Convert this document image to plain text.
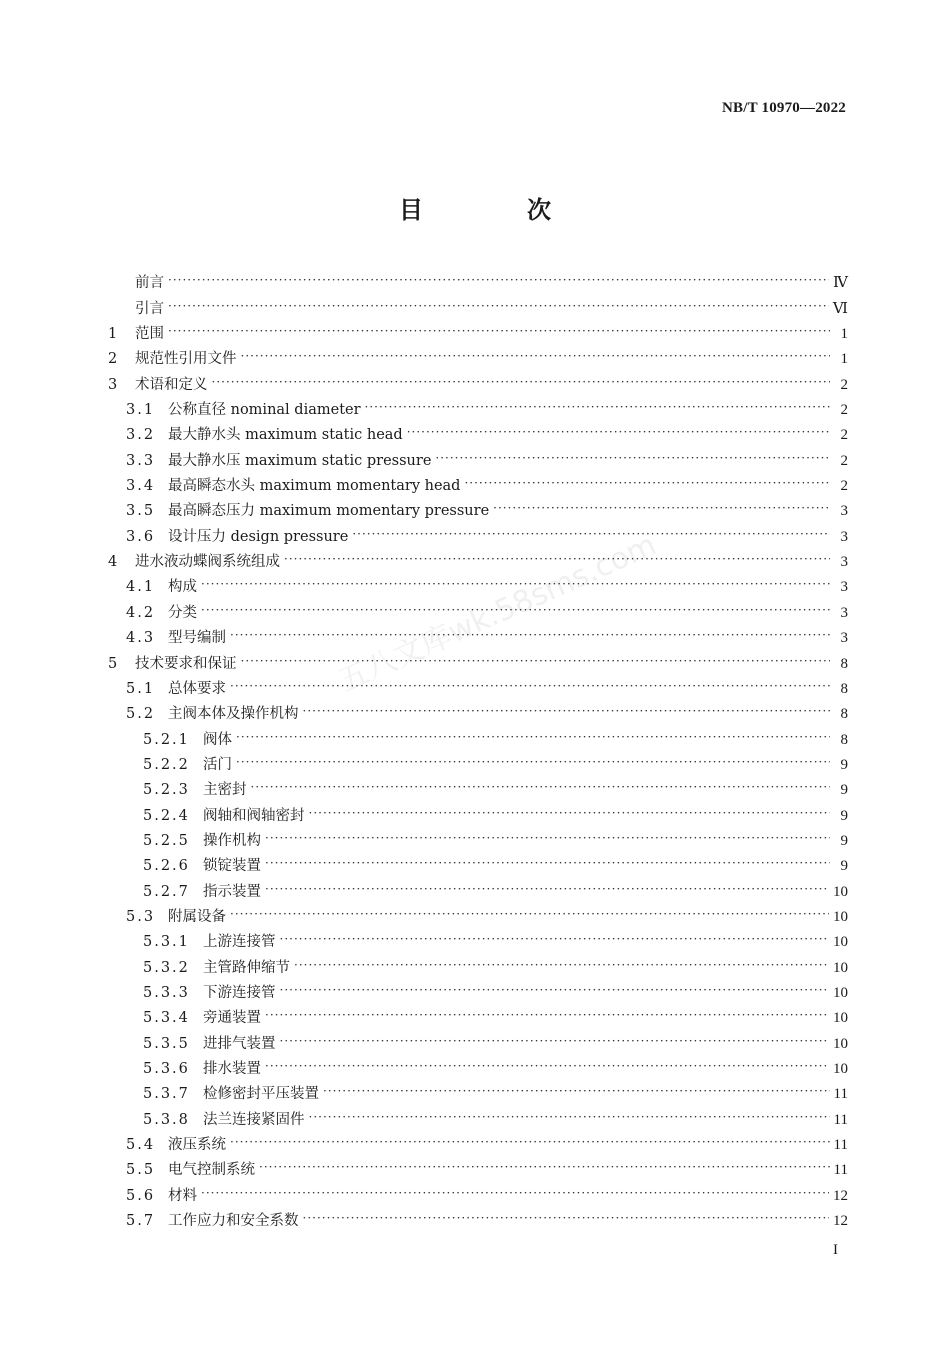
NB/T 10970—2022
目　次
五八文库wk.58sms.com
前言 ·····	Ⅳ
引言 ·····	Ⅵ
1	范围 ·····	1
2	规范性引用文件 ·····	1
3	术语和定义 ·····	2
3.1 公称直径 nominal diameter ·····	2
3.2 最大静水头 maximum static head ·····	2
3.3 最大静水压 maximum static pressure ·····	2
3.4 最高瞬态水头 maximum momentary head ·····	2
3.5 最高瞬态压力 maximum momentary pressure ·····	3
3.6 设计压力 design pressure ·····	3
4	进水液动蝶阀系统组成 ·····	3
4.1 构成 ·····	3
4.2 分类 ·····	3
4.3 型号编制 ·····	3
5	技术要求和保证 ·····	8
5.1 总体要求 ·····	8
5.2 主阀本体及操作机构 ·····	8
5.2.1 阀体 ·····	8
5.2.2 活门 ·····	9
5.2.3 主密封 ·····	9
5.2.4 阀轴和阀轴密封 ·····	9
5.2.5 操作机构 ·····	9
5.2.6 锁锭装置 ·····	9
5.2.7 指示装置 ·····	10
5.3 附属设备 ·····	10
5.3.1 上游连接管 ·····	10
5.3.2 主管路伸缩节 ·····	10
5.3.3 下游连接管 ·····	10
5.3.4 旁通装置 ·····	10
5.3.5 进排气装置 ·····	10
5.3.6 排水装置 ·····	10
5.3.7 检修密封平压装置 ·····	11
5.3.8 法兰连接紧固件 ·····	11
5.4 液压系统 ·····	11
5.5 电气控制系统 ·····	11
5.6 材料 ·····	12
5.7 工作应力和安全系数 ·····	12
I
